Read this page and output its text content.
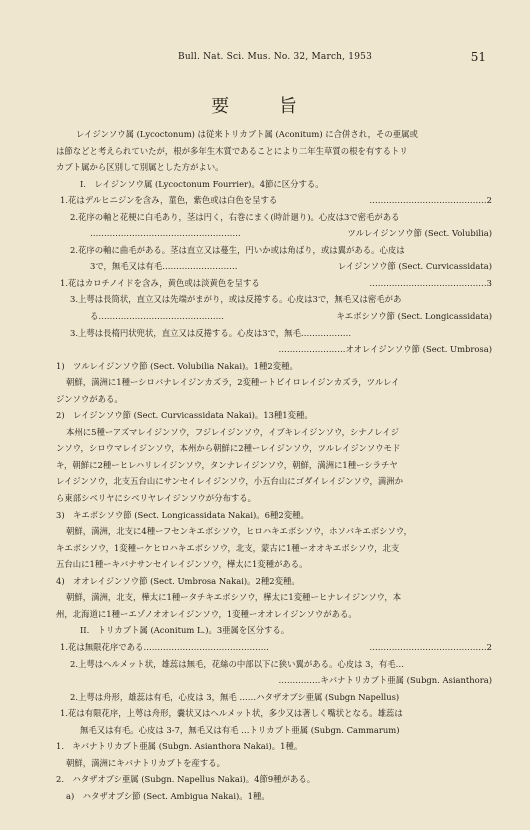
Bull. Nat. Sci. Mus. No. 32, March, 1953	51
要 旨
レイジンソウ属 (Lycoctonum) は従来トリカブト属 (Aconitum) に合併され，その亜属或
は節などと考えられていたが，根が多年生木質であることにより二年生草質の根を有するトリ
カブト属から区別して別属とした方がよい。
I.　レイジンソウ属 (Lycoctonum Fourrier)。4節に区分する。
1.花はデルヒニジンを含み，菫色，紫色或は白色を呈する	……………………………………2
2.花序の軸と花梗に白毛あり，茎は円く，右巻にまく(時計廻り)。心皮は3で密毛がある
………………………………………………	ツルレイジンソウ節 (Sect. Volubilia)
2.花序の軸に曲毛がある。茎は直立又は蔓生，円いか或は角ばり，或は翼がある。心皮は
3で，無毛又は有毛………………………	レイジンソウ節 (Sect. Curvicassidata)
1.花はカロチノイドを含み，黄色或は淡黄色を呈する	……………………………………3
3.上萼は長筒状，直立又は先端がまがり，或は反捲する。心皮は3で，無毛又は密毛があ
る………………………………………	キエボシソウ節 (Sect. Longicassidata)
3.上萼は長楕円状兜状，直立又は反捲する。心皮は3で，無毛………………
……………………オオレイジンソウ節 (Sect. Umbrosa)
1)　ツルレイジンソウ節 (Sect. Volubilia Nakai)。1種2変種。
朝鮮，満洲に1種ーシロバナレイジンカズラ，2変種ートビイロレイジンカズラ，ツルレイ
ジンソウがある。
2)　レイジンソウ節 (Sect. Curvicassidata Nakai)。13種1変種。
本州に5種ーアズマレイジンソウ，フジレイジンソウ，イブキレイジンソウ，シナノレイジ
ンソウ，シロウマレイジンソウ，本州から朝鮮に2種ーレイジンソウ，ツルレイジンソウモド
キ，朝鮮に2種ーヒレハリレイジンソウ，タンナレイジンソウ，朝鮮，満洲に1種ーシラチヤ
レイジンソウ，北支五台山にサンセイレイジンソウ，小五台山にゴダイレイジンソウ，満洲か
ら東部シベリヤにシベリヤレイジンソウが分布する。
3)　キエボシソウ節 (Sect. Longicassidata Nakai)。6種2変種。
朝鮮，満洲，北支に4種ーフセンキエボシソウ，ヒロハキエボシソウ，ホソバキエボシソウ，
キエボシソウ，1変種ーケヒロハキエボシソウ，北支，蒙古に1種ーオオキエボシソウ，北支
五台山に1種ーキバナサンセイレイジンソウ，樺太に1変種がある。
4)　オオレイジンソウ節 (Sect. Umbrosa Nakai)。2種2変種。
朝鮮，満洲，北支，樺太に1種ータチキエボシソウ，樺太に1変種ーヒナレイジンソウ，本
州，北海道に1種ーエゾノオオレイジンソウ，1変種ーオオレイジンソウがある。
II.　トリカブト属 (Aconitum L.)。3亜属を区分する。
1.花は無限花序である………………………………………	……………………………………2
2.上萼はヘルメット状，雄蕊は無毛，花絲の中部以下に狭い翼がある。心皮は 3，有毛…
……………キバナトリカブト亜属 (Subgn. Asianthora)
2.上萼は舟形，雄蕊は有毛，心皮は 3，無毛 ……ハタザオブシ亜属 (Subgn Napellus)
1.花は有限花序，上萼は舟形，嚢状又はヘルメット状，多少又は著しく嘴状となる。雄蕊は
無毛又は有毛。心皮は 3-7，無毛又は有毛 …トリカブト亜属 (Subgn. Cammarum)
1.　キバナトリカブト亜属 (Subgn. Asianthora Nakai)。1種。
朝鮮，満洲にキバナトリカブトを産する。
2.　ハタザオブシ亜属 (Subgn. Napellus Nakai)。4節9種がある。
a)　ハタザオブシ節 (Sect. Ambigua Nakai)。1種。
